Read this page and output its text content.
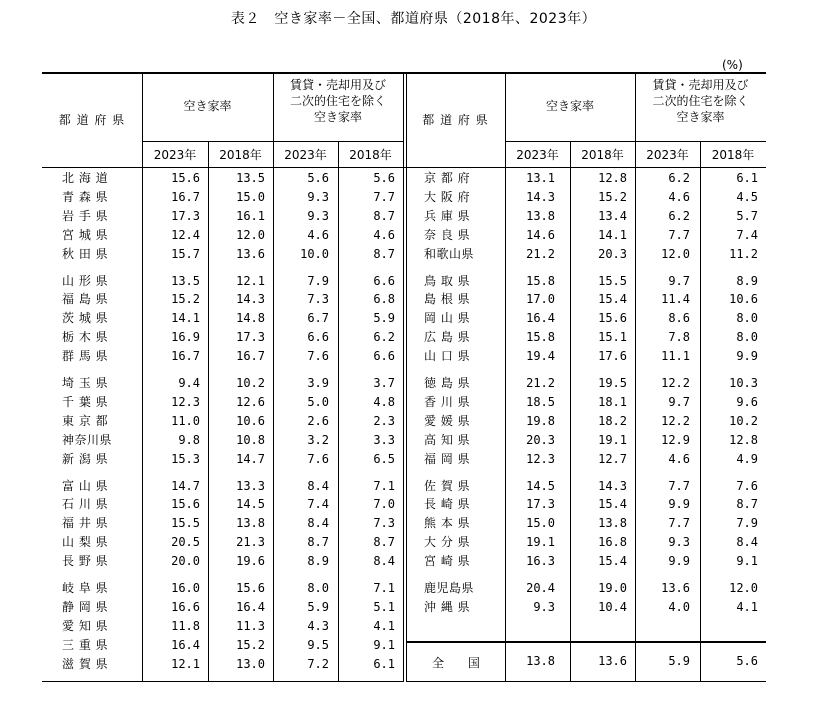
表２　空き家率－全国、都道府県（2018年、2023年）
(%)
都 道 府 県
空き家率
賃貸・売却用及び
二次的住宅を除く
空き家率
2023年	2018年	2023年	2018年
都 道 府 県
空き家率
賃貸・売却用及び
二次的住宅を除く
空き家率
2023年	2018年	2023年	2018年
全 国	13.8	13.6	5.9	5.6
北 海 道	15.6	13.5	5.6	5.6
青 森 県	16.7	15.0	9.3	7.7
岩 手 県	17.3	16.1	9.3	8.7
宮 城 県	12.4	12.0	4.6	4.6
秋 田 県	15.7	13.6	10.0	8.7
山 形 県	13.5	12.1	7.9	6.6
福 島 県	15.2	14.3	7.3	6.8
茨 城 県	14.1	14.8	6.7	5.9
栃 木 県	16.9	17.3	6.6	6.2
群 馬 県	16.7	16.7	7.6	6.6
埼 玉 県	9.4	10.2	3.9	3.7
千 葉 県	12.3	12.6	5.0	4.8
東 京 都	11.0	10.6	2.6	2.3
神奈川県	9.8	10.8	3.2	3.3
新 潟 県	15.3	14.7	7.6	6.5
富 山 県	14.7	13.3	8.4	7.1
石 川 県	15.6	14.5	7.4	7.0
福 井 県	15.5	13.8	8.4	7.3
山 梨 県	20.5	21.3	8.7	8.7
長 野 県	20.0	19.6	8.9	8.4
岐 阜 県	16.0	15.6	8.0	7.1
静 岡 県	16.6	16.4	5.9	5.1
愛 知 県	11.8	11.3	4.3	4.1
三 重 県	16.4	15.2	9.5	9.1
滋 賀 県	12.1	13.0	7.2	6.1
京 都 府	13.1	12.8	6.2	6.1
大 阪 府	14.3	15.2	4.6	4.5
兵 庫 県	13.8	13.4	6.2	5.7
奈 良 県	14.6	14.1	7.7	7.4
和歌山県	21.2	20.3	12.0	11.2
鳥 取 県	15.8	15.5	9.7	8.9
島 根 県	17.0	15.4	11.4	10.6
岡 山 県	16.4	15.6	8.6	8.0
広 島 県	15.8	15.1	7.8	8.0
山 口 県	19.4	17.6	11.1	9.9
徳 島 県	21.2	19.5	12.2	10.3
香 川 県	18.5	18.1	9.7	9.6
愛 媛 県	19.8	18.2	12.2	10.2
高 知 県	20.3	19.1	12.9	12.8
福 岡 県	12.3	12.7	4.6	4.9
佐 賀 県	14.5	14.3	7.7	7.6
長 崎 県	17.3	15.4	9.9	8.7
熊 本 県	15.0	13.8	7.7	7.9
大 分 県	19.1	16.8	9.3	8.4
宮 崎 県	16.3	15.4	9.9	9.1
鹿児島県	20.4	19.0	13.6	12.0
沖 縄 県	9.3	10.4	4.0	4.1
